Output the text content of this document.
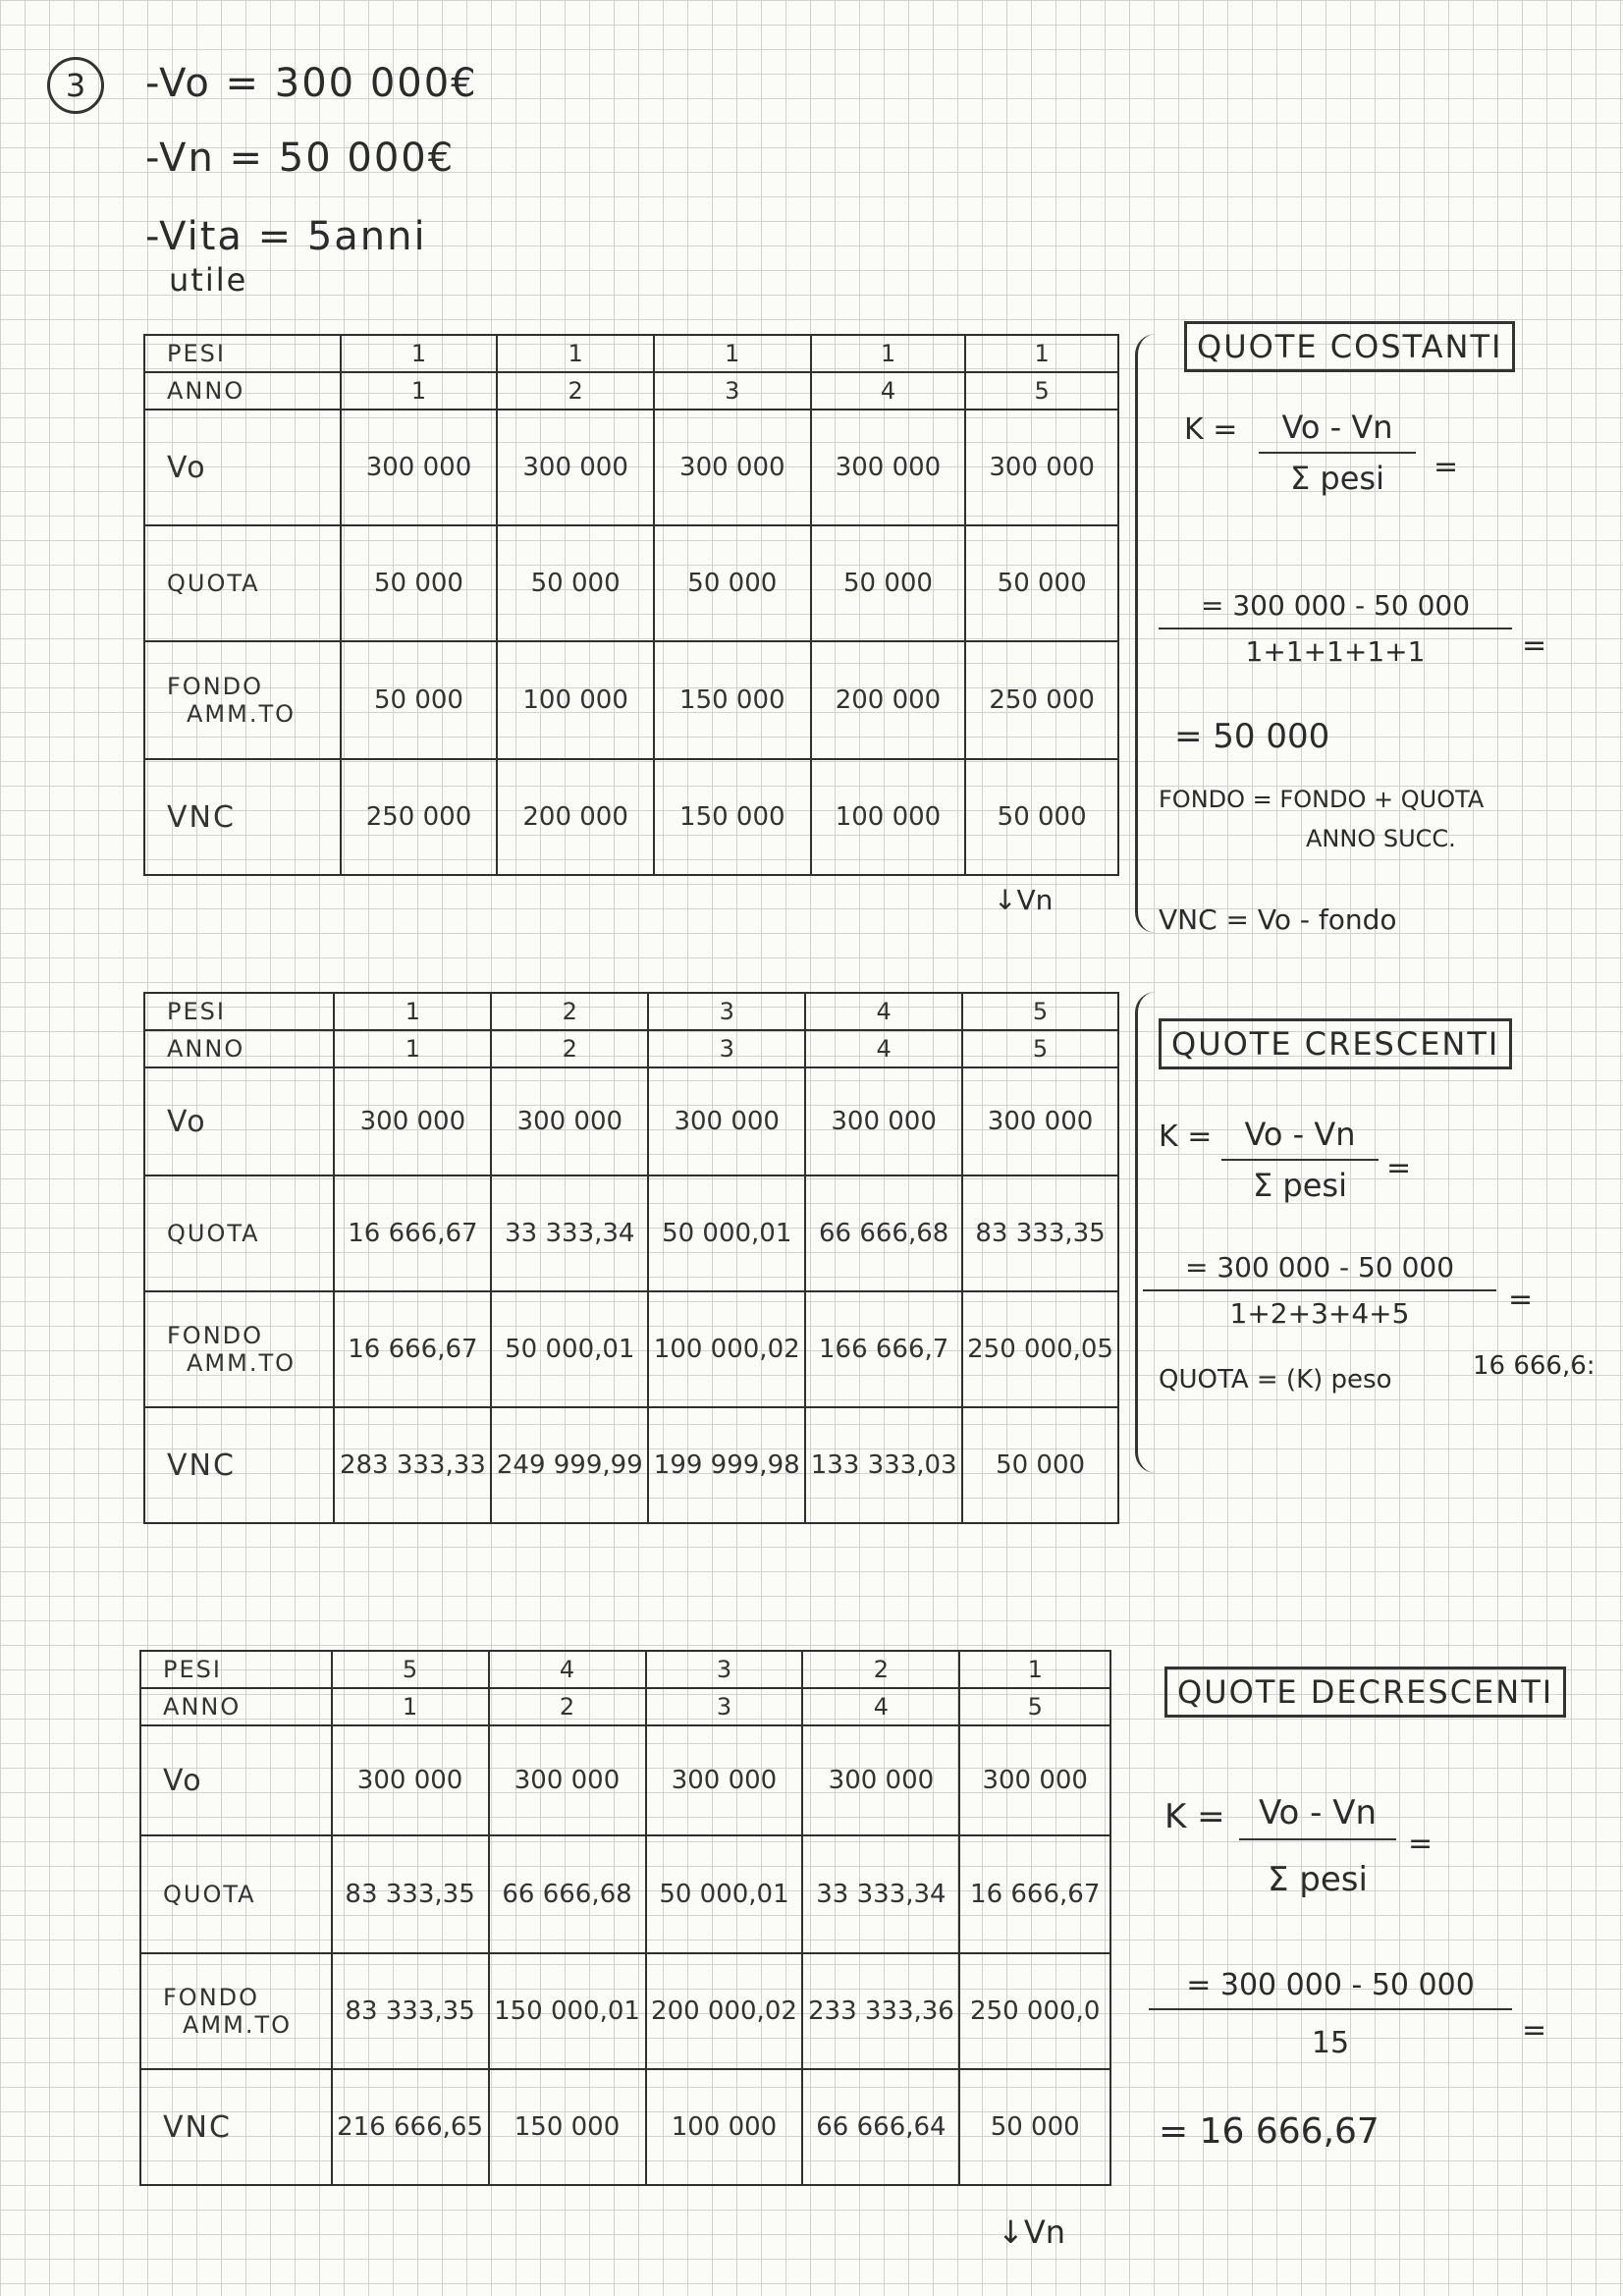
3 -Vo = 300 000€
-Vn = 50 000€
-Vita = 5anni
utile
PESI	1	1	1	1	1
ANNO	1	2	3	4	5
Vo	300 000	300 000	300 000	300 000	300 000
QUOTA	50 000	50 000	50 000	50 000	50 000

FONDO
AMM.TO	50 000	100 000	150 000	200 000	250 000
VNC	250 000	200 000	150 000	100 000	50 000
↓Vn
QUOTE COSTANTI
K =	Vo - Vn
Σ pesi	=
= 300 000 - 50 000
1+1+1+1+1	=
= 50 000
FONDO = FONDO + QUOTA
ANNO SUCC.
VNC = Vo - fondo
PESI	1	2	3	4	5
ANNO	1	2	3	4	5
Vo	300 000	300 000	300 000	300 000	300 000
QUOTA	16 666,67	33 333,34	50 000,01	66 666,68	83 333,35

FONDO
AMM.TO	16 666,67	50 000,01	100 000,02	166 666,7	250 000,05
VNC	283 333,33	249 999,99	199 999,98	133 333,03	50 000
QUOTE CRESCENTI
K =	Vo - Vn
Σ pesi	=
= 300 000 - 50 000
1+2+3+4+5	=
QUOTA = (K) peso	16 666,6:
PESI	5	4	3	2	1
ANNO	1	2	3	4	5
Vo	300 000	300 000	300 000	300 000	300 000
QUOTA	83 333,35	66 666,68	50 000,01	33 333,34	16 666,67

FONDO
AMM.TO	83 333,35	150 000,01	200 000,02	233 333,36	250 000,0
VNC	216 666,65	150 000	100 000	66 666,64	50 000
↓Vn
QUOTE DECRESCENTI
K =	Vo - Vn
Σ pesi
=
= 300 000 - 50 000
15	=
= 16 666,67
